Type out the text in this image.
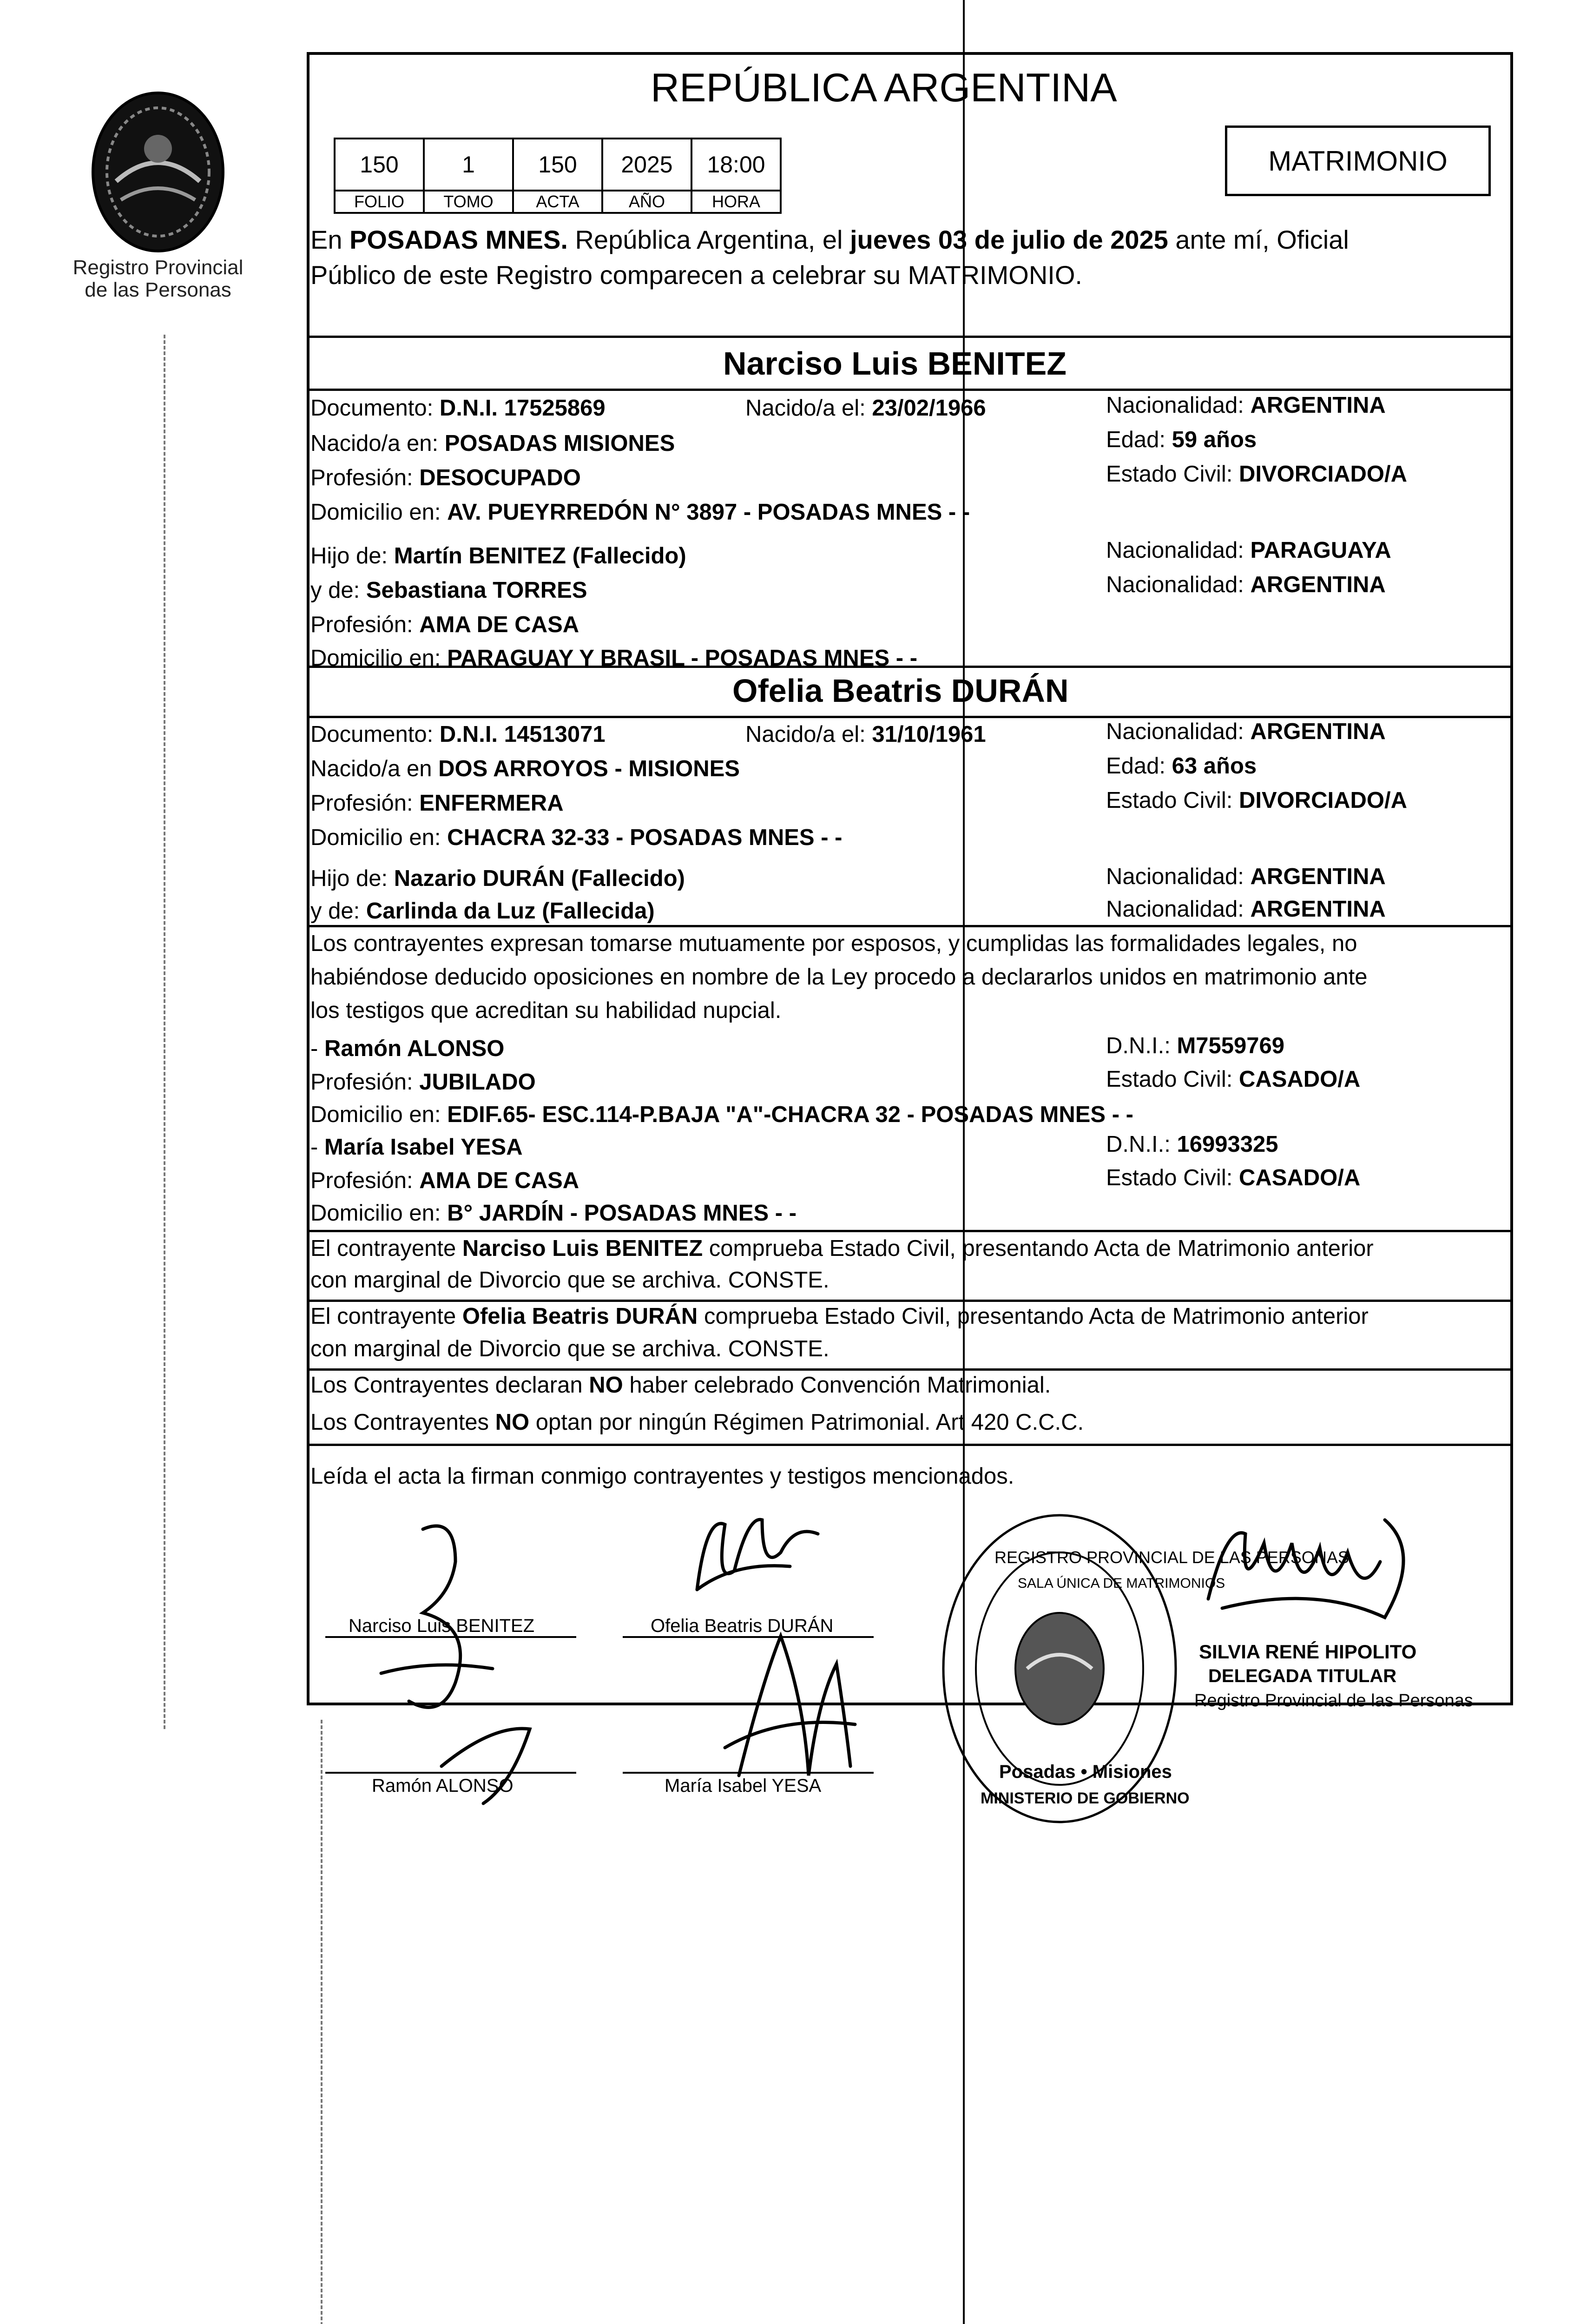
Registro Provincial
de las Personas
REPÚBLICA ARGENTINA
150	1	150	2025	18:00
FOLIO	TOMO	ACTA	AÑO	HORA
MATRIMONIO
En POSADAS MNES. República Argentina, el jueves 03 de julio de 2025 ante mí, Oficial
Público de este Registro comparecen a celebrar su MATRIMONIO.
Narciso Luis BENITEZ
Documento: D.N.I. 17525869	Nacido/a el: 23/02/1966	Nacionalidad: ARGENTINA
Nacido/a en: POSADAS MISIONES	Edad: 59 años
Profesión: DESOCUPADO	Estado Civil: DIVORCIADO/A
Domicilio en: AV. PUEYRREDÓN N° 3897 - POSADAS MNES - -
Hijo de: Martín BENITEZ (Fallecido)	Nacionalidad: PARAGUAYA
y de: Sebastiana TORRES	Nacionalidad: ARGENTINA
Profesión: AMA DE CASA
Domicilio en: PARAGUAY Y BRASIL - POSADAS MNES - -
Ofelia Beatris DURÁN
Documento: D.N.I. 14513071	Nacido/a el: 31/10/1961	Nacionalidad: ARGENTINA
Nacido/a en DOS ARROYOS - MISIONES	Edad: 63 años
Profesión: ENFERMERA	Estado Civil: DIVORCIADO/A
Domicilio en: CHACRA 32-33 - POSADAS MNES - -
Hijo de: Nazario DURÁN (Fallecido)	Nacionalidad: ARGENTINA
y de: Carlinda da Luz (Fallecida)	Nacionalidad: ARGENTINA
Los contrayentes expresan tomarse mutuamente por esposos, y cumplidas las formalidades legales, no
habiéndose deducido oposiciones en nombre de la Ley procedo a declararlos unidos en matrimonio ante
los testigos que acreditan su habilidad nupcial.
- Ramón ALONSO	D.N.I.: M7559769
Profesión: JUBILADO	Estado Civil: CASADO/A
Domicilio en: EDIF.65- ESC.114-P.BAJA "A"-CHACRA 32 - POSADAS MNES - -
- María Isabel YESA	D.N.I.: 16993325
Profesión: AMA DE CASA	Estado Civil: CASADO/A
Domicilio en: B° JARDÍN - POSADAS MNES - -
El contrayente Narciso Luis BENITEZ comprueba Estado Civil, presentando Acta de Matrimonio anterior
con marginal de Divorcio que se archiva. CONSTE.
El contrayente Ofelia Beatris DURÁN comprueba Estado Civil, presentando Acta de Matrimonio anterior
con marginal de Divorcio que se archiva. CONSTE.
Los Contrayentes declaran NO haber celebrado Convención Matrimonial.
Los Contrayentes NO optan por ningún Régimen Patrimonial. Art 420 C.C.C.
Leída el acta la firman conmigo contrayentes y testigos mencionados.
Narciso Luis BENITEZ	Ofelia Beatris DURÁN
Ramón ALONSO	María Isabel YESA
REGISTRO PROVINCIAL DE LAS PERSONAS
SALA ÚNICA DE MATRIMONIOS
Posadas • Misiones
MINISTERIO DE GOBIERNO
SILVIA RENÉ HIPOLITO
DELEGADA TITULAR
Registro Provincial de las Personas
